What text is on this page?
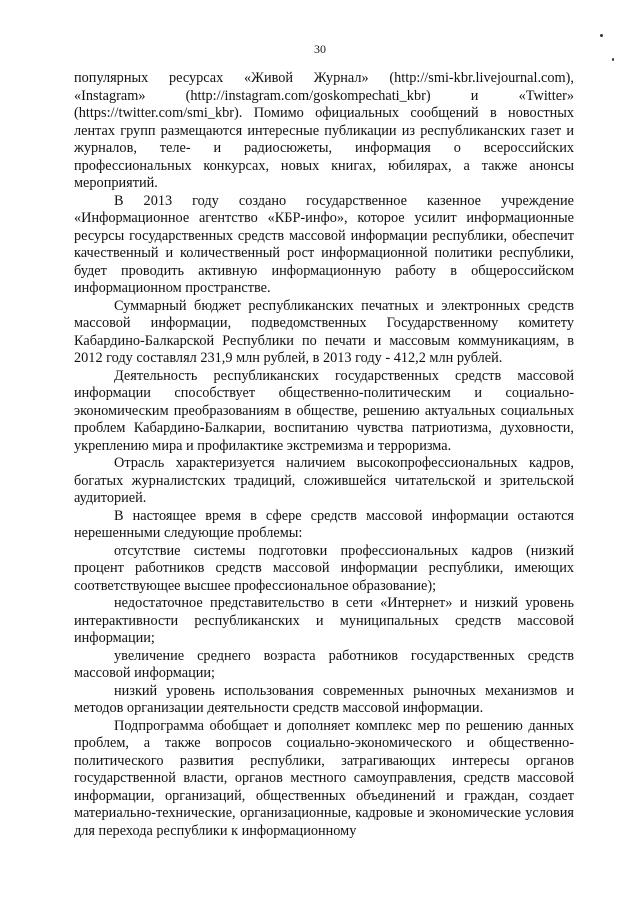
30

популярных ресурсах «Живой Журнал» (http://smi-kbr.livejournal.com), «Instagram» (http://instagram.com/goskompechati_kbr) и «Twitter» (https://twitter.com/smi_kbr). Помимо официальных сообщений в новостных лентах групп размещаются интересные публикации из республиканских газет и журналов, теле- и радиосюжеты, информация о всероссийских профессиональных конкурсах, новых книгах, юбилярах, а также анонсы мероприятий.

В 2013 году создано государственное казенное учреждение «Информационное агентство «КБР-инфо», которое усилит информационные ресурсы государственных средств массовой информации республики, обеспечит качественный и количественный рост информационной политики республики, будет проводить активную информационную работу в общероссийском информационном пространстве.

Суммарный бюджет республиканских печатных и электронных средств массовой информации, подведомственных Государственному комитету Кабардино-Балкарской Республики по печати и массовым коммуникациям, в 2012 году составлял 231,9 млн рублей, в 2013 году - 412,2 млн рублей.

Деятельность республиканских государственных средств массовой информации способствует общественно-политическим и социально-экономическим преобразованиям в обществе, решению актуальных социальных проблем Кабардино-Балкарии, воспитанию чувства патриотизма, духовности, укреплению мира и профилактике экстремизма и терроризма.

Отрасль характеризуется наличием высокопрофессиональных кадров, богатых журналистских традиций, сложившейся читательской и зрительской аудиторией.

В настоящее время в сфере средств массовой информации остаются нерешенными следующие проблемы:

отсутствие системы подготовки профессиональных кадров (низкий процент работников средств массовой информации республики, имеющих соответствующее высшее профессиональное образование);

недостаточное представительство в сети «Интернет» и низкий уровень интерактивности республиканских и муниципальных средств массовой информации;

увеличение среднего возраста работников государственных средств массовой информации;

низкий уровень использования современных рыночных механизмов и методов организации деятельности средств массовой информации.

Подпрограмма обобщает и дополняет комплекс мер по решению данных проблем, а также вопросов социально-экономического и общественно-политического развития республики, затрагивающих интересы органов государственной власти, органов местного самоуправления, средств массовой информации, организаций, общественных объединений и граждан, создает материально-технические, организационные, кадровые и экономические условия для перехода республики к информационному
